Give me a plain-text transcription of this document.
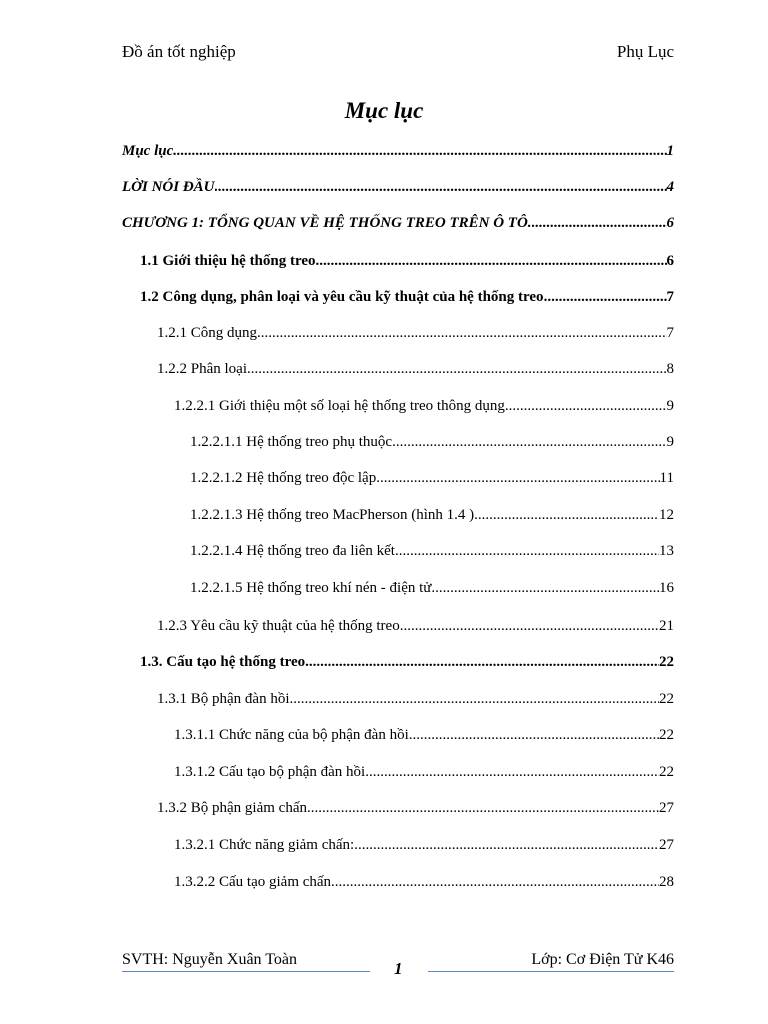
Đồ án tốt nghiệp	Phụ Lục
Mục lục
Mục lục .....	1
LỜI NÓI ĐẦU .....	4
CHƯƠNG 1: TỔNG QUAN VỀ HỆ THỐNG TREO TRÊN Ô TÔ. .....	6
1.1 Giới thiệu hệ thống treo .....	6
1.2 Công dụng, phân loại và yêu cầu kỹ thuật của hệ thống treo .....	7
1.2.1 Công dụng .....	7
1.2.2 Phân loại .....	8
1.2.2.1 Giới thiệu một số loại hệ thống treo thông dụng. .....	9
1.2.2.1.1 Hệ thống treo phụ thuộc .....	9
1.2.2.1.2 Hệ thống treo độc lập .....	11
1.2.2.1.3 Hệ thống treo MacPherson (hình 1.4 ). .....	12
1.2.2.1.4 Hệ thống treo đa liên kết .....	13
1.2.2.1.5 Hệ thống treo khí nén - điện tử .....	16
1.2.3 Yêu cầu kỹ thuật của hệ thống treo. .....	21
1.3. Cấu tạo hệ thống treo .....	22
1.3.1 Bộ phận đàn hồi. .....	22
1.3.1.1 Chức năng của bộ phận đàn hồi. .....	22
1.3.1.2 Cấu tạo bộ phận đàn hồi. .....	22
1.3.2 Bộ phận giảm chấn. .....	27
1.3.2.1 Chức năng giảm chấn: .....	27
1.3.2.2 Cấu tạo giảm chấn. .....	28
SVTH: Nguyễn Xuân Toàn	1	Lớp: Cơ Điện Tử K46
